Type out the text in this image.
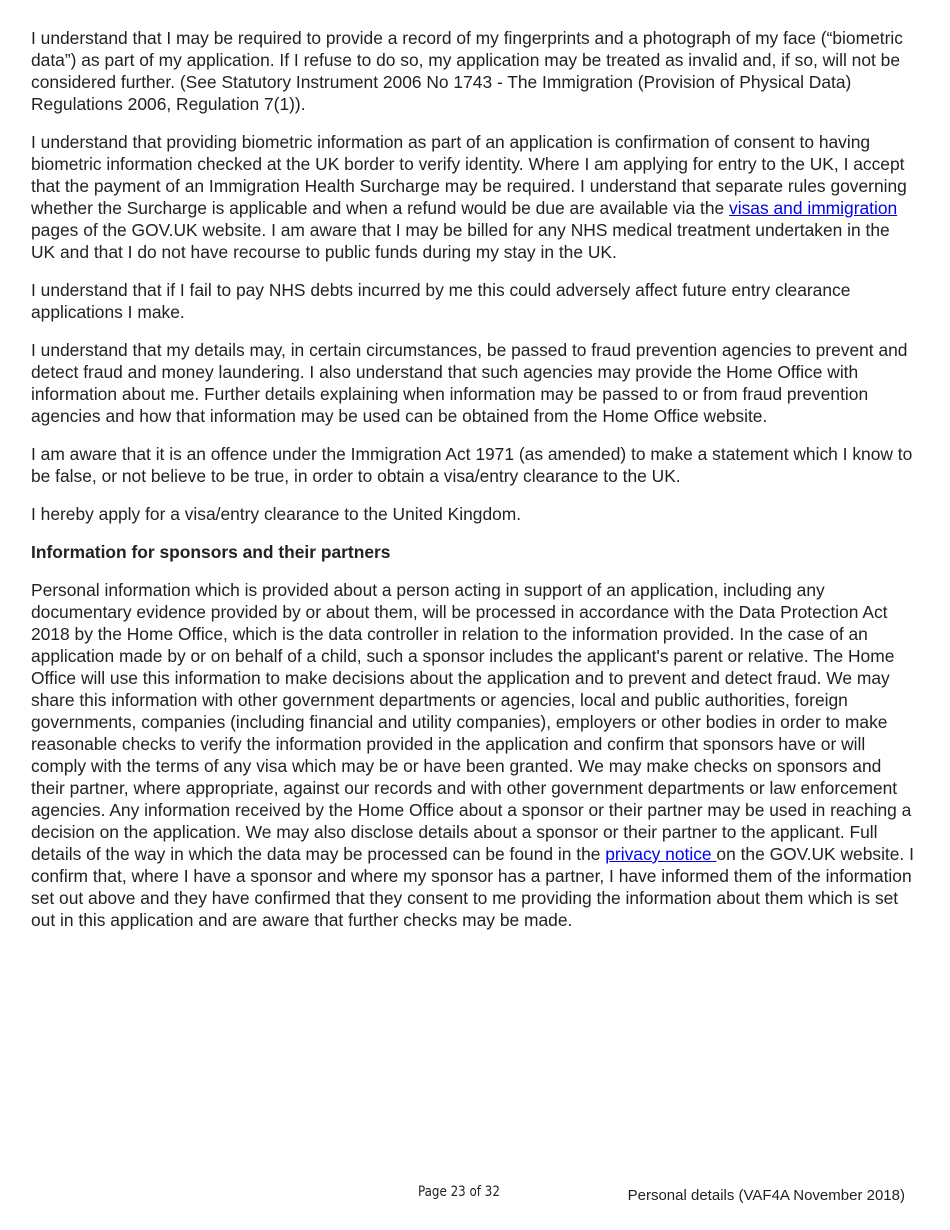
I understand that I may be required to provide a record of my fingerprints and a photograph of my face (“biometric data”) as part of my application. If I refuse to do so, my application may be treated as invalid and, if so, will not be considered further. (See Statutory Instrument 2006 No 1743 - The Immigration (Provision of Physical Data) Regulations 2006, Regulation 7(1)).

I understand that providing biometric information as part of an application is confirmation of consent to having biometric information checked at the UK border to verify identity. Where I am applying for entry to the UK, I accept that the payment of an Immigration Health Surcharge may be required. I understand that separate rules governing whether the Surcharge is applicable and when a refund would be due are available via the visas and immigration pages of the GOV.UK website. I am aware that I may be billed for any NHS medical treatment undertaken in the UK and that I do not have recourse to public funds during my stay in the UK.

I understand that if I fail to pay NHS debts incurred by me this could adversely affect future entry clearance applications I make.

I understand that my details may, in certain circumstances, be passed to fraud prevention agencies to prevent and detect fraud and money laundering. I also understand that such agencies may provide the Home Office with information about me. Further details explaining when information may be passed to or from fraud prevention agencies and how that information may be used can be obtained from the Home Office website.

I am aware that it is an offence under the Immigration Act 1971 (as amended) to make a statement which I know to be false, or not believe to be true, in order to obtain a visa/entry clearance to the UK.

I hereby apply for a visa/entry clearance to the United Kingdom.

Information for sponsors and their partners

Personal information which is provided about a person acting in support of an application, including any documentary evidence provided by or about them, will be processed in accordance with the Data Protection Act 2018 by the Home Office, which is the data controller in relation to the information provided. In the case of an application made by or on behalf of a child, such a sponsor includes the applicant's parent or relative. The Home Office will use this information to make decisions about the application and to prevent and detect fraud. We may share this information with other government departments or agencies, local and public authorities, foreign governments, companies (including financial and utility companies), employers or other bodies in order to make reasonable checks to verify the information provided in the application and confirm that sponsors have or will comply with the terms of any visa which may be or have been granted. We may make checks on sponsors and their partner, where appropriate, against our records and with other government departments or law enforcement agencies. Any information received by the Home Office about a sponsor or their partner may be used in reaching a decision on the application. We may also disclose details about a sponsor or their partner to the applicant. Full details of the way in which the data may be processed can be found in the privacy notice on the GOV.UK website. I confirm that, where I have a sponsor and where my sponsor has a partner, I have informed them of the information set out above and they have confirmed that they consent to me providing the information about them which is set out in this application and are aware that further checks may be made.

Page 23 of 32	Personal details (VAF4A November 2018)
